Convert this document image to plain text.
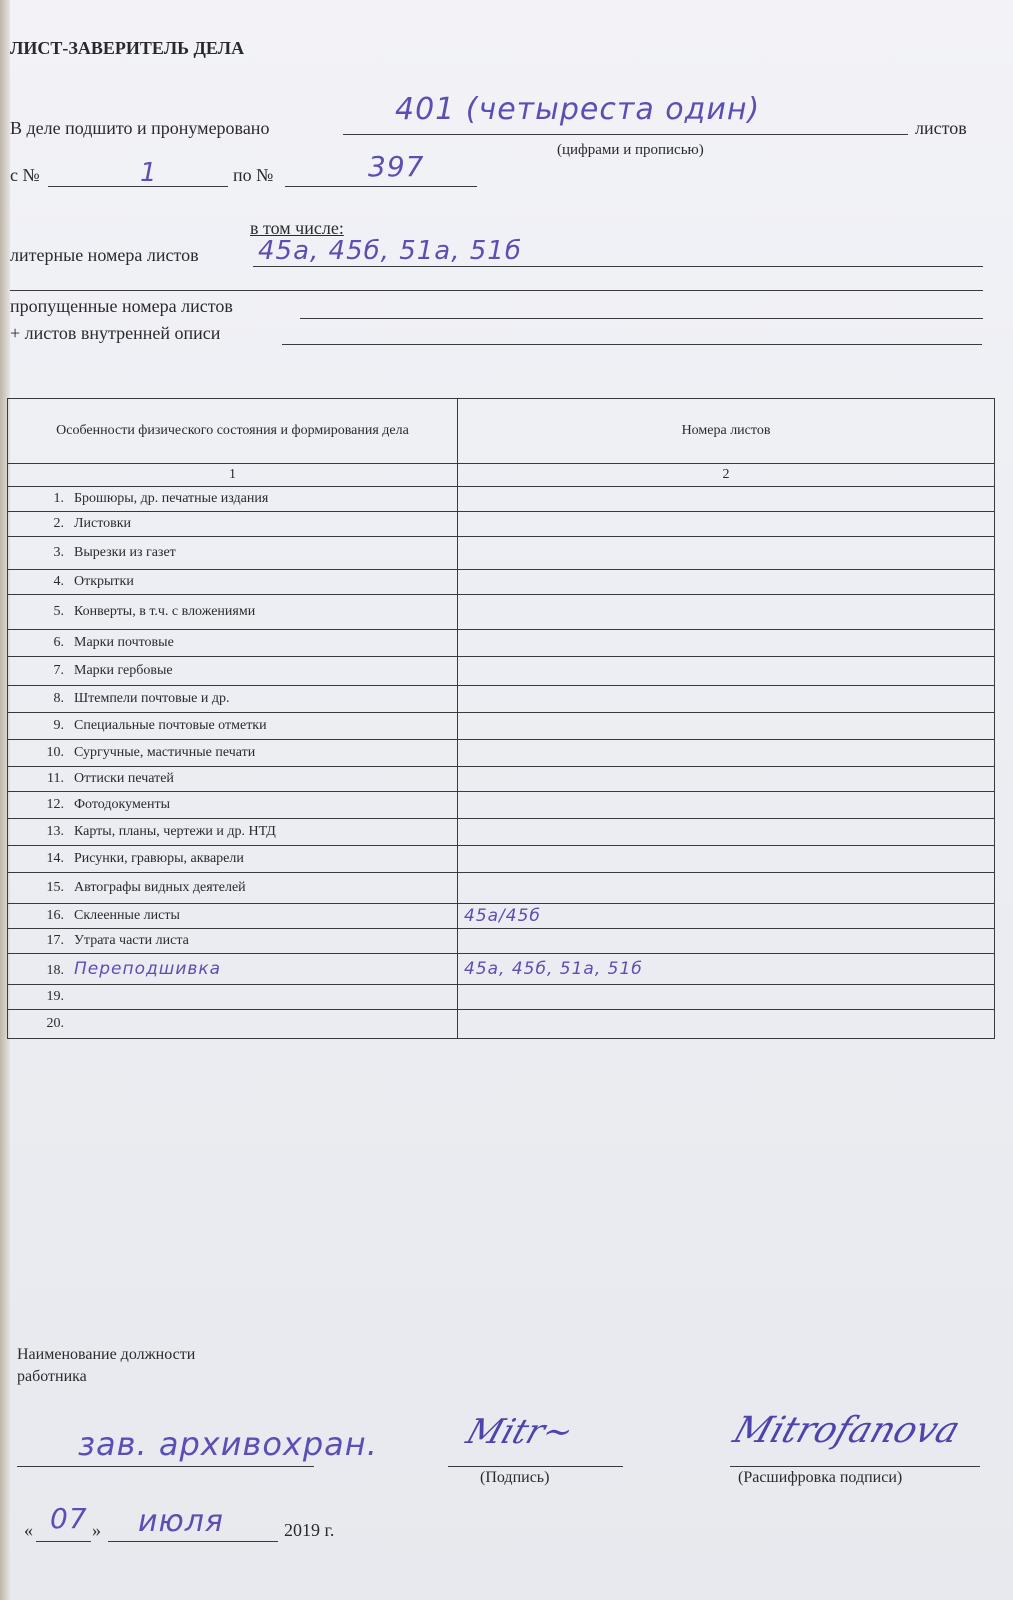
ЛИСТ-ЗАВЕРИТЕЛЬ ДЕЛА
В деле подшито и пронумеровано
401 (четыреста один)
листов
(цифрами и прописью)
с №	1	по №	397
в том числе:
литерные номера листов 45а, 45б, 51а, 51б
пропущенные номера листов
+ листов внутренней описи
Особенности физического состояния и формирования дела	Номера листов
1	2
1. Брошюры, др. печатные издания	
2. Листовки	
3. Вырезки из газет	
4. Открытки	
5. Конверты, в т.ч. с вложениями	
6. Марки почтовые	
7. Марки гербовые	
8. Штемпели почтовые и др.	
9. Специальные почтовые отметки	
10. Сургучные, мастичные печати	
11. Оттиски печатей	
12. Фотодокументы	
13. Карты, планы, чертежи и др. НТД	
14. Рисунки, гравюры, акварели	
15. Автографы видных деятелей	
16. Склеенные листы	45а/45б
17. Утрата части листа	
18. Переподшивка	45а, 45б, 51а, 51б
19.	
20.	
Наименование должности
работника
зав. архивохран. Mitr~
(Подпись)
Mitrofanova
(Расшифровка подписи)
« 07 » июля	2019 г.
